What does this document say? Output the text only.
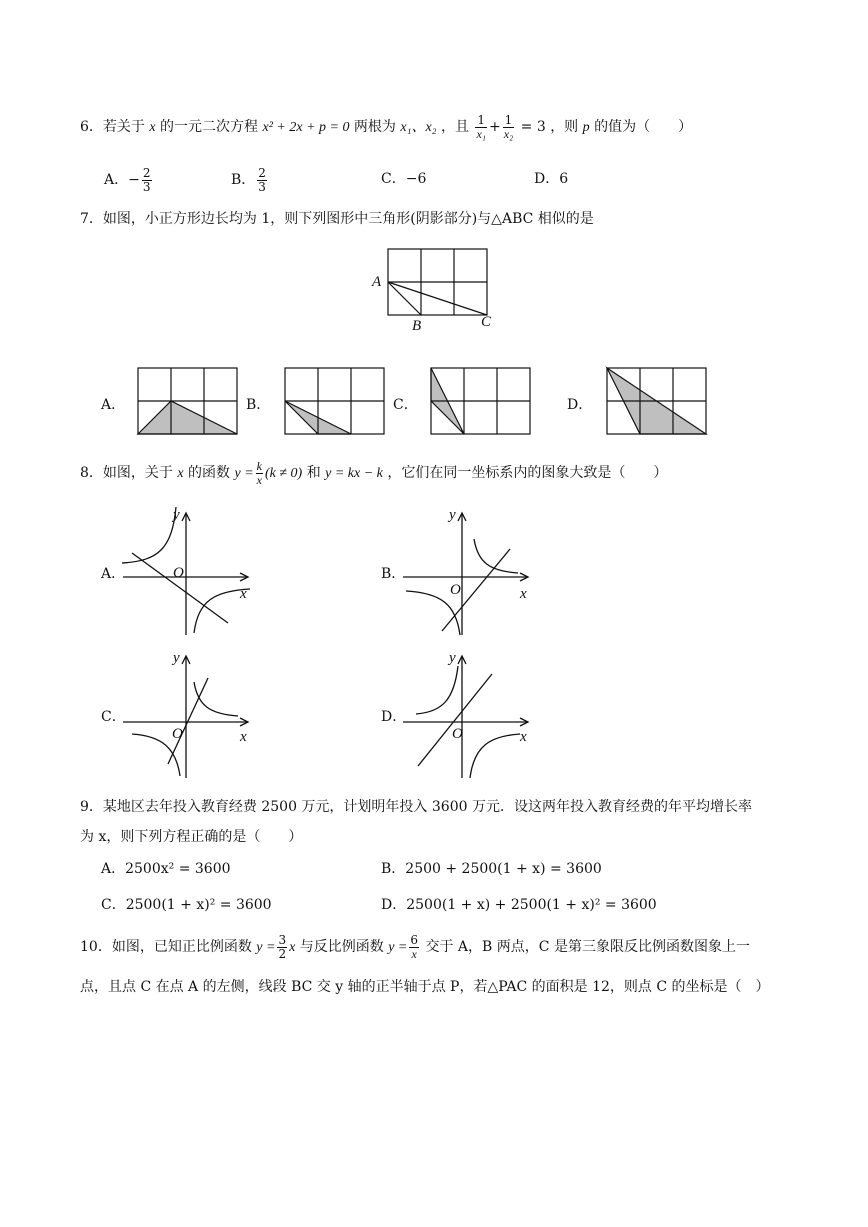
6．若关于 x 的一元二次方程 x² + 2x + p = 0 两根为 x₁、x₂ ，且 $\frac{1}{\text{x₁}} + \frac{1}{\text{x₂}} = 3$ ，则 p 的值为（　　）
A．− $\frac{2}{3}$	B． $\frac{2}{3}$	C．−6	D．6
7．如图，小正方形边长均为 1，则下列图形中三角形(阴影部分)与△ABC 相似的是
A
B	C
A．	B．	C．	D．
8．如图，关于 x 的函数 $y = \frac{k}{x} (k \ne 0)$ 和 y = kx − k ，它们在同一坐标系内的图象大致是（　　）
A．
y
x
O	B．
y
x
O
C．
y
x
O
D．
y
x
O
9．某地区去年投入教育经费 2500 万元，计划明年投入 3600 万元．设这两年投入教育经费的年平均增长率
为 x，则下列方程正确的是（　　）
A．2500x² = 3600	B．2500 + 2500(1 + x) = 3600
C．2500(1 + x)² = 3600	D．2500(1 + x) + 2500(1 + x)² = 3600
10．如图，已知正比例函数 $y = \frac{3}{2}$ x 与反比例函数 $y = \frac{6}{x}$ 交于 A，B 两点，C 是第三象限反比例函数图象上一
点，且点 C 在点 A 的左侧，线段 BC 交 y 轴的正半轴于点 P，若△PAC 的面积是 12，则点 C 的坐标是（　）
